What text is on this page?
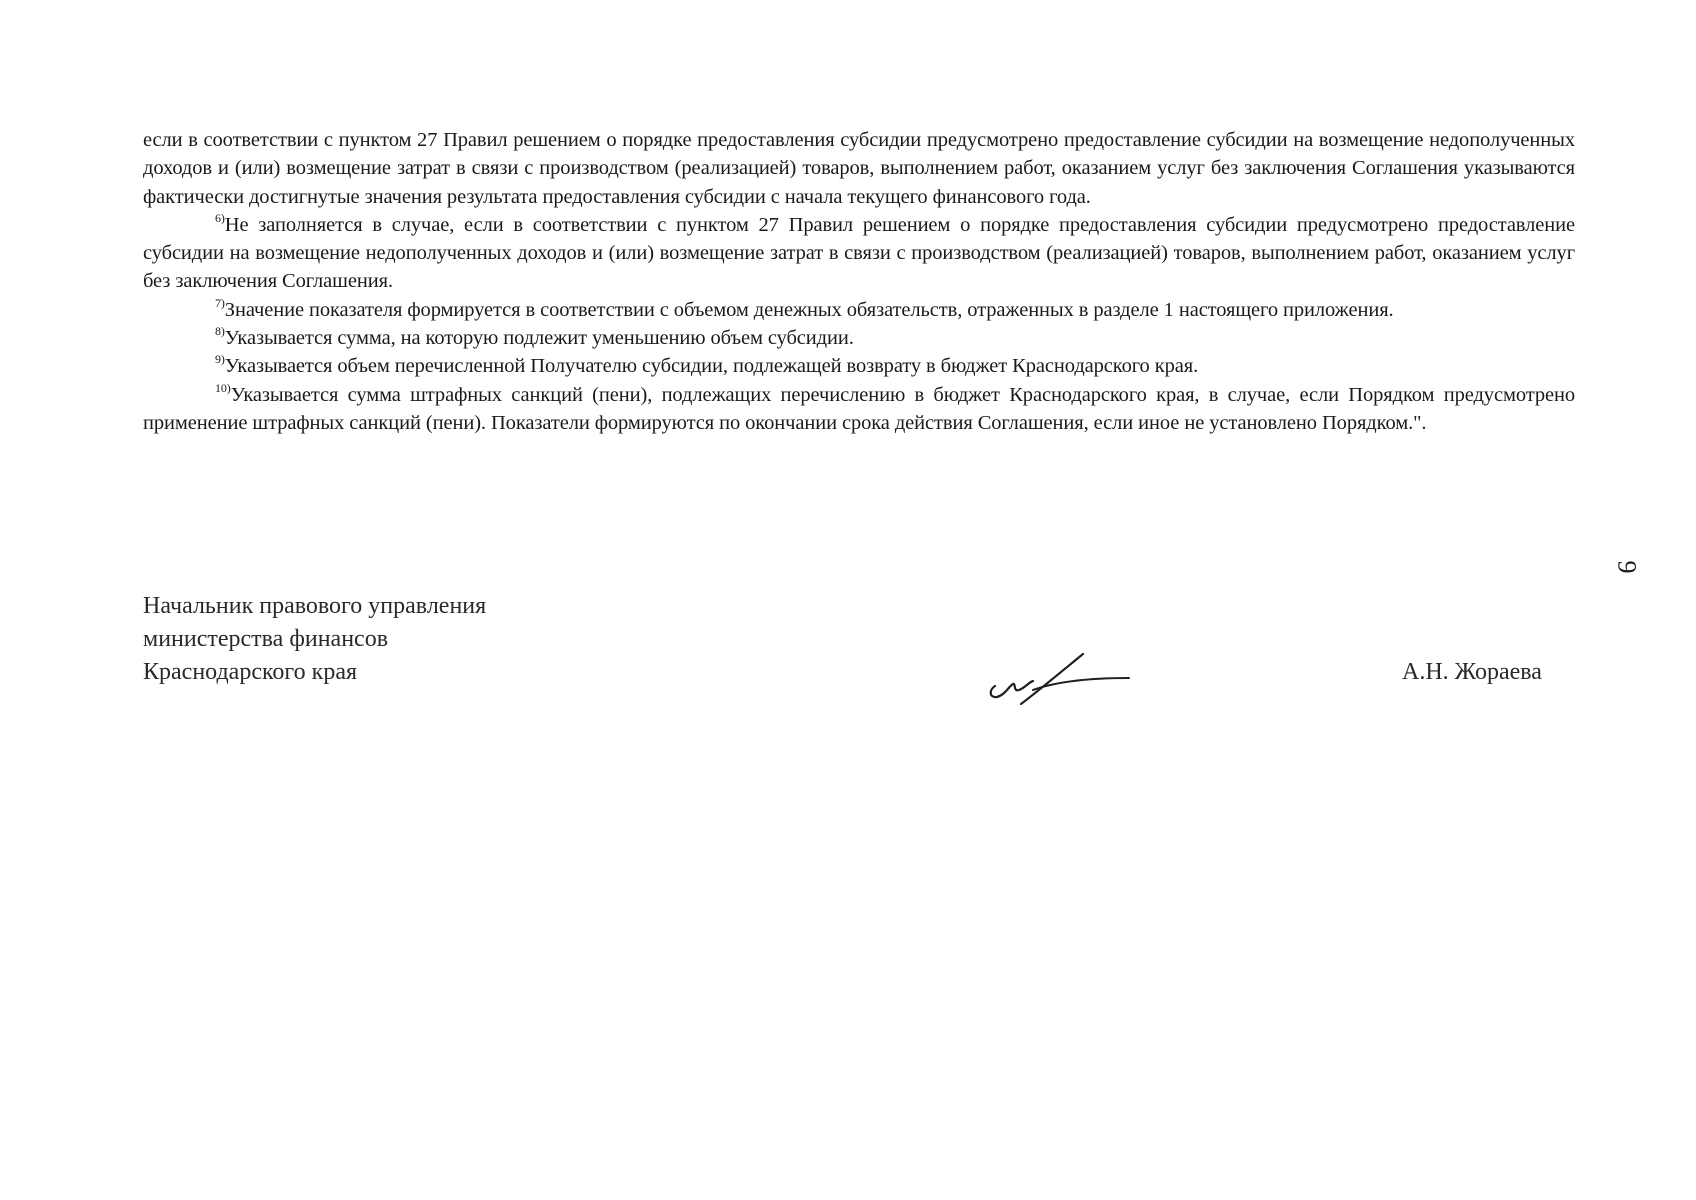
если в соответствии с пунктом 27 Правил решением о порядке предоставления субсидии предусмотрено предоставление субсидии на возмещение недополученных доходов и (или) возмещение затрат в связи с производством (реализацией) товаров, выполнением работ, оказанием услуг без заключения Соглашения указываются фактически достигнутые значения результата предоставления субсидии с начала текущего финансового года.

$^{6)}$Не заполняется в случае, если в соответствии с пунктом 27 Правил решением о порядке предоставления субсидии предусмотрено предоставление субсидии на возмещение недополученных доходов и (или) возмещение затрат в связи с производством (реализацией) товаров, выполнением работ, оказанием услуг без заключения Соглашения.

$^{7)}$Значение показателя формируется в соответствии с объемом денежных обязательств, отраженных в разделе 1 настоящего приложения.

$^{8)}$Указывается сумма, на которую подлежит уменьшению объем субсидии.

$^{9)}$Указывается объем перечисленной Получателю субсидии, подлежащей возврату в бюджет Краснодарского края.

$^{10)}$Указывается сумма штрафных санкций (пени), подлежащих перечислению в бюджет Краснодарского края, в случае, если Порядком предусмотрено применение штрафных санкций (пени). Показатели формируются по окончании срока действия Соглашения, если иное не установлено Порядком.".

Начальник правового управления
министерства финансов
Краснодарского края	А.Н. Жораева
9
